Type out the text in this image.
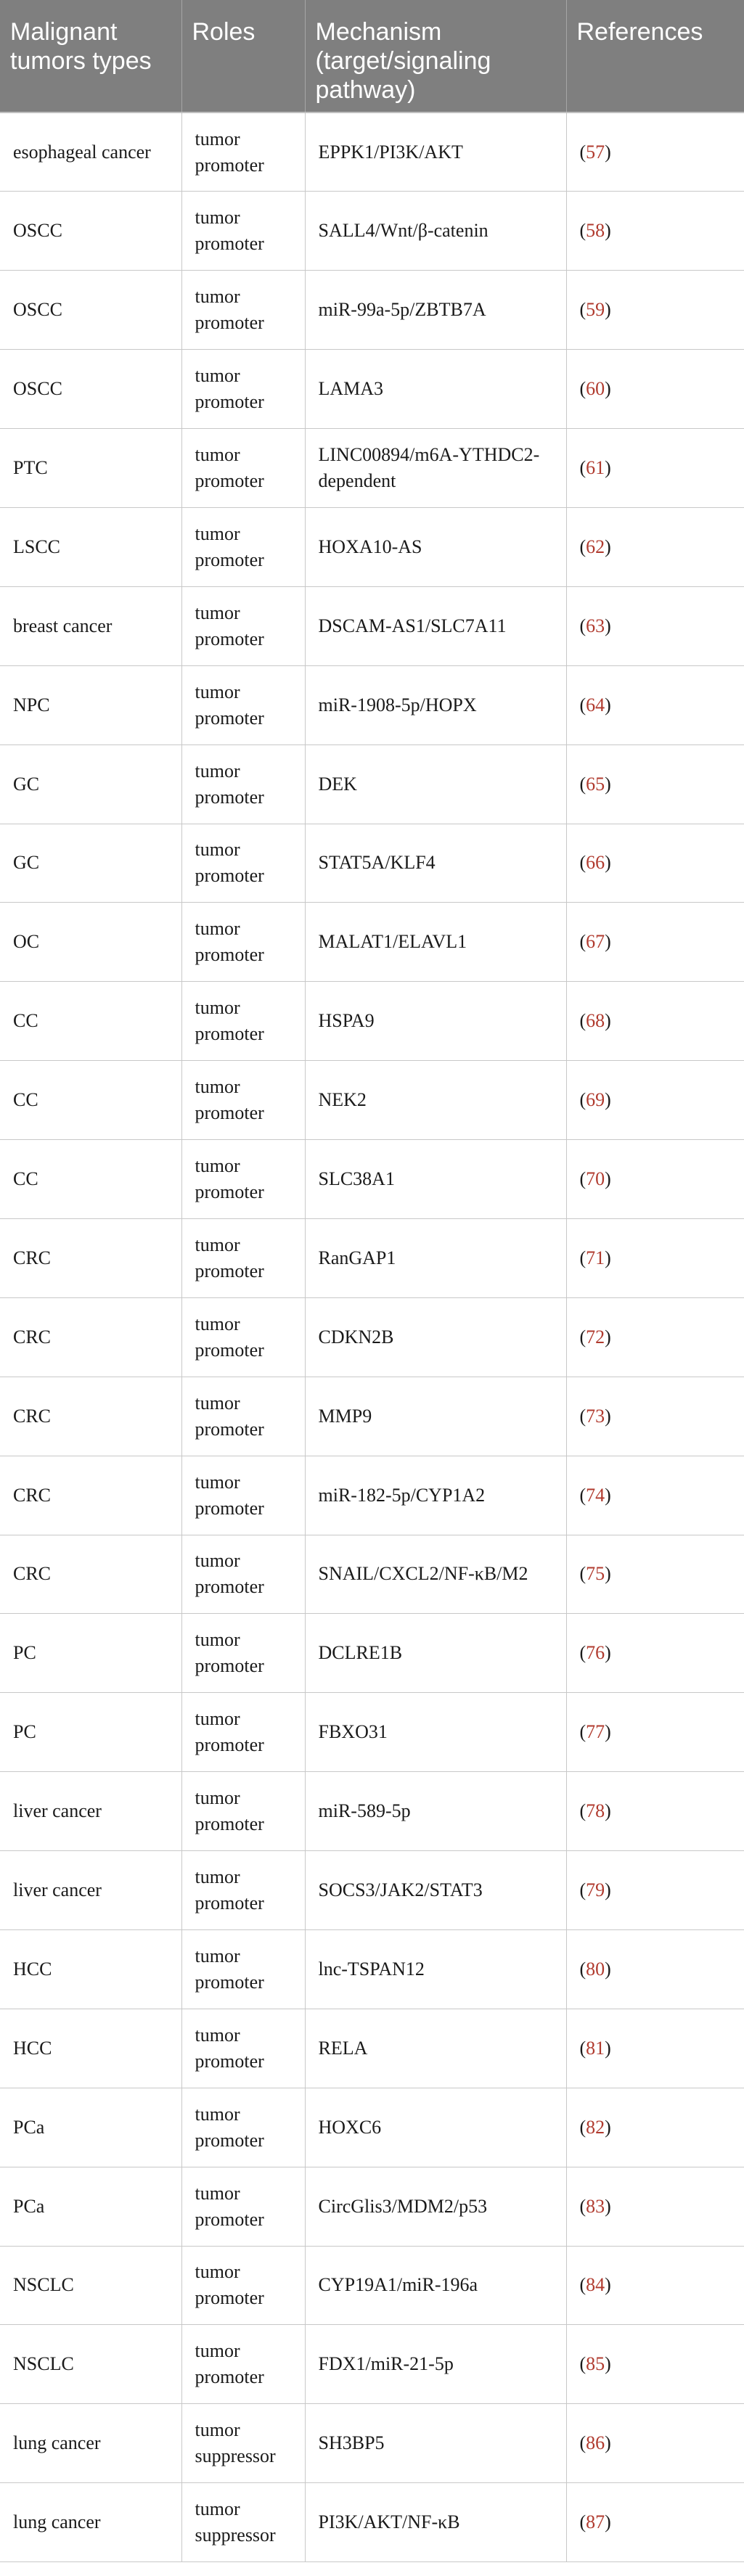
Malignant tumors types	Roles	Mechanism (target/signaling pathway)	References
esophageal cancer	tumor promoter	EPPK1/PI3K/AKT	(57)
OSCC	tumor promoter	SALL4/Wnt/β-catenin	(58)
OSCC	tumor promoter	miR-99a-5p/ZBTB7A	(59)
OSCC	tumor promoter	LAMA3	(60)
PTC	tumor promoter	LINC00894/m6A-YTHDC2-dependent	(61)
LSCC	tumor promoter	HOXA10-AS	(62)
breast cancer	tumor promoter	DSCAM-AS1/SLC7A11	(63)
NPC	tumor promoter	miR-1908-5p/HOPX	(64)
GC	tumor promoter	DEK	(65)
GC	tumor promoter	STAT5A/KLF4	(66)
OC	tumor promoter	MALAT1/ELAVL1	(67)
CC	tumor promoter	HSPA9	(68)
CC	tumor promoter	NEK2	(69)
CC	tumor promoter	SLC38A1	(70)
CRC	tumor promoter	RanGAP1	(71)
CRC	tumor promoter	CDKN2B	(72)
CRC	tumor promoter	MMP9	(73)
CRC	tumor promoter	miR-182-5p/CYP1A2	(74)
CRC	tumor promoter	SNAIL/CXCL2/NF-κB/M2	(75)
PC	tumor promoter	DCLRE1B	(76)
PC	tumor promoter	FBXO31	(77)
liver cancer	tumor promoter	miR-589-5p	(78)
liver cancer	tumor promoter	SOCS3/JAK2/STAT3	(79)
HCC	tumor promoter	lnc-TSPAN12	(80)
HCC	tumor promoter	RELA	(81)
PCa	tumor promoter	HOXC6	(82)
PCa	tumor promoter	CircGlis3/MDM2/p53	(83)
NSCLC	tumor promoter	CYP19A1/miR-196a	(84)
NSCLC	tumor promoter	FDX1/miR-21-5p	(85)
lung cancer	tumor suppressor	SH3BP5	(86)
lung cancer	tumor suppressor	PI3K/AKT/NF-κB	(87)
